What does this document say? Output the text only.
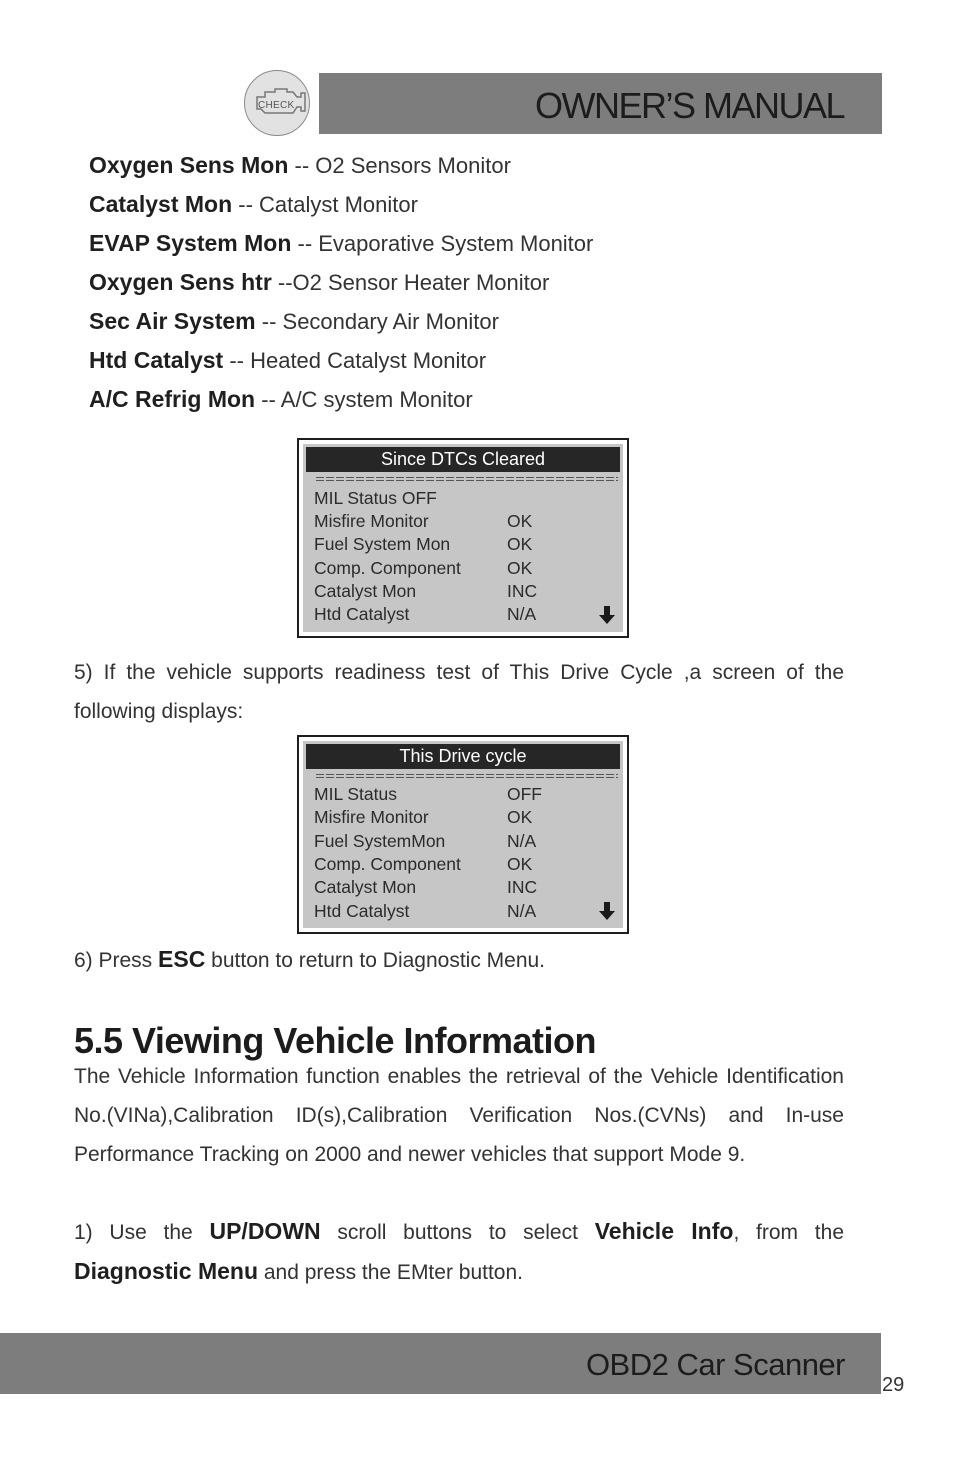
CHECK	OWNER’S MANUAL
Oxygen Sens Mon -- O2 Sensors Monitor
Catalyst Mon -- Catalyst Monitor
EVAP System Mon -- Evaporative System Monitor
Oxygen Sens htr --O2 Sensor Heater Monitor
Sec Air System -- Secondary Air Monitor
Htd Catalyst -- Heated Catalyst Monitor
A/C Refrig Mon -- A/C system Monitor
Since DTCs Cleared
MIL Status OFF
Misfire Monitor	OK
Fuel System Mon	OK
Comp. Component	OK
Catalyst Mon	INC
Htd Catalyst	N/A
5) If the vehicle supports readiness test of This Drive Cycle ,a screen of the following displays:
This Drive cycle
MIL Status	OFF
Misfire Monitor	OK
Fuel SystemMon	N/A
Comp. Component	OK
Catalyst Mon	INC
Htd Catalyst	N/A
6) Press ESC button to return to Diagnostic Menu.
5.5 Viewing Vehicle Information
The Vehicle Information function enables the retrieval of the Vehicle Identification No.(VINa),Calibration ID(s),Calibration Verification Nos.(CVNs) and In-use Performance Tracking on 2000 and newer vehicles that support Mode 9.
1) Use the UP/DOWN scroll buttons to select Vehicle Info, from the Diagnostic Menu and press the EMter button.
OBD2 Car Scanner
29
